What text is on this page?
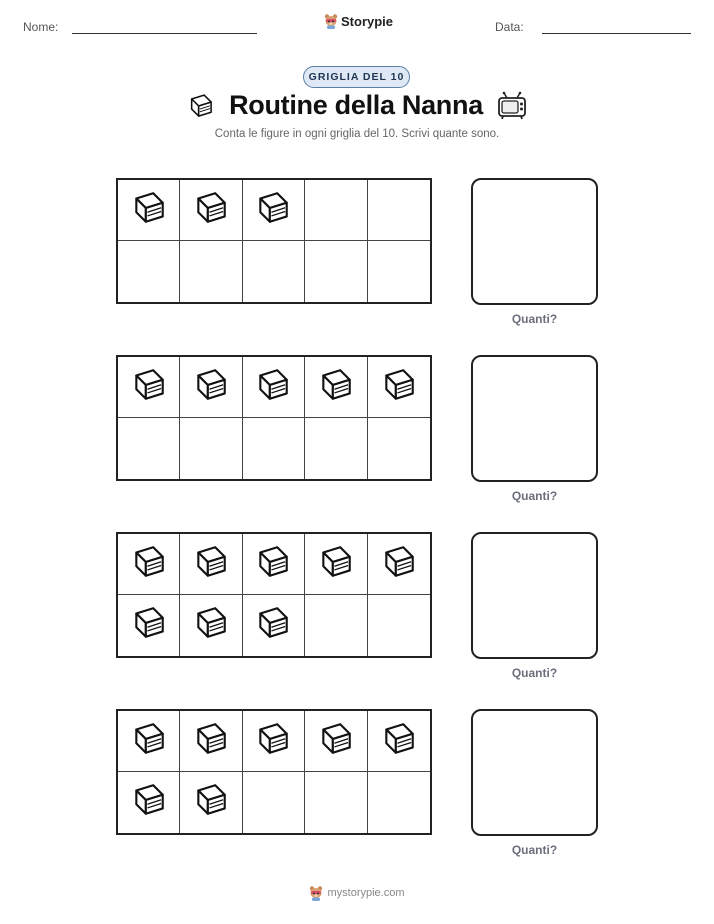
Nome:	Storypie	Data:
GRIGLIA DEL 10
Routine della Nanna
Conta le figure in ogni griglia del 10. Scrivi quante sono.
Quanti?
Quanti?
Quanti?
Quanti?
mystorypie.com
